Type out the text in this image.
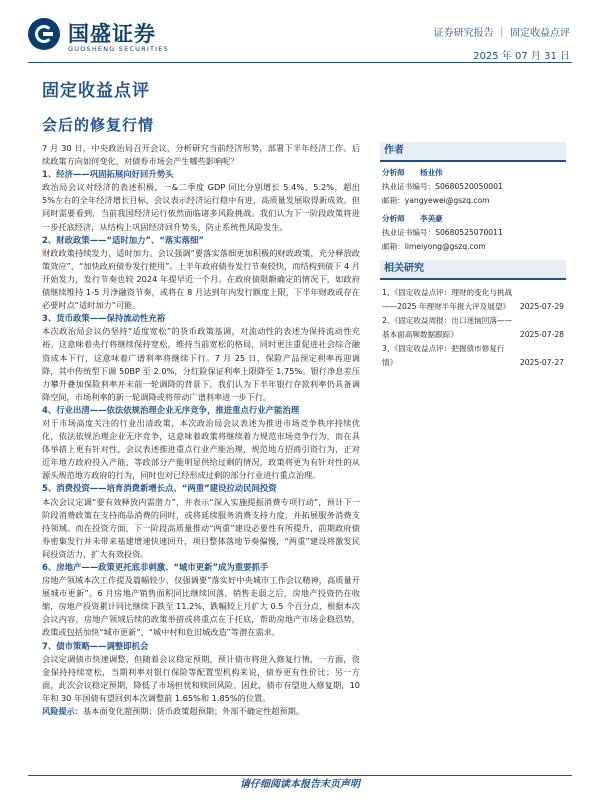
国盛证券
GUOSHENG SECURITIES
证券研究报告 ｜ 固定收益点评
2025 年 07 月 31 日
固定收益点评
会后的修复行情

7 月 30 日，中央政治局召开会议，分析研究当前经济形势，部署下半年经济工作。后续政策方向如何变化，对债券市场会产生哪些影响呢？

1、经济——巩固拓展向好回升势头

政治局会议对经济的表述积极，一&二季度 GDP 同比分别增长 5.4%、5.2%，超出 5%左右的全年经济增长目标，会议表示经济运行稳中有进，高质量发展取得新成效。但同时需要看到，当前我国经济运行依然面临诸多风险挑战。我们认为下一阶段政策将进一步托底经济，从结构上巩固经济回升势头，防止系统性风险发生。

2、财政政策——“适时加力”、“落实落细”

财政政策持续发力、适时加力。会议强调“要落实落细更加积极的财政政策，充分释放政策效应”，“加快政府债券发行使用”。上半年政府债券发行节奏较快，而结构到债下 4 月开始发力，发行节奏也较 2024 年提早近一个月。在政府债限额确定的情况下，如政府债继续维持 1-5 月净融资节奏，或将在 8 月达到年内发行额度上限，下半年财政或存在必要时点“适时加力”可能。

3、货币政策——保持流动性充裕

本次政治局会议仍坚持“适度宽松”的货币政策基调，对流动性的表述为保持流动性充裕。这意味着央行将继续保持宽松，维持当前宽松的格局，同时更注重促进社会综合融资成本下行，这意味着广谱利率将继续下行。7 月 25 日，保险产品预定利率再迎调降，其中传统型下调 50BP 至 2.0%，分红险保证利率上限降至 1.75%。银行净息差压力攀升叠加保险利率并未前一轮调降的背景下，我们认为下半年银行存款利率仍具备调降空间，市场利率的新一轮调降或将带动广谱利率进一步下行。

4、行业出清——依法依规治理企业无序竞争，推进重点行业产能治理

对于市场高度关注的行业出清政策，本次政治局会议表述为推进市场竞争秩序持续优化，依法依规治理企业无序竞争，这意味着政策将继续着力规范市场竞争行为，而在具体举措上更有针对性，会议表述推进重点行业产能治理，规范地方招商引资行为，正对近年地方政府投入产能，等政部分产能明显供给过剩的情况，政策将更为有针对性的从源头规范地方政府的行为，同时也对已经形成过剩的部分行业进行重点治理。

5、消费投资——培育消费新增长点、“两重”建设拉动民间投资

本次会议定调“要有效释放内需潜力”，并表示“深入实施提振消费专项行动”，预计下一阶段消费政策在支持商品消费的同时，或将延续服务消费支持力度，并拓展服务消费支持领域。而在投资方面，下一阶段高质量推动“两重”建设必要性有所提升，前期政府债券密集发行并未带来基建增速快速回升，项目整体落地节奏偏慢，“两重”建设将激发民间投资活力，扩大有效投资。

6、房地产——政策更托底非刺激、“城市更新”成为重要抓手

房地产领域本次工作提及篇幅较少，仅强调要“落实好中央城市工作会议精神，高质量开展城市更新”。6 月房地产销售面积同比继续回落，销售走弱之后，房地产投资仍在收缩，房地产投资累计同比继续下跌至 11.2%，跌幅较上月扩大 0.5 个百分点，根据本次会议内容，房地产领域后续的政策举措或将重点在于托底，帮助房地产市场企稳恐势，政策或包括加快“城市更新”、“城中村和危旧城改造”等潜在需求。

7、债市策略——调整即机会

会议定调债市快速调整，但随着会议稳定预期，预计债市将进入修复行情，一方面，资金保持持续宽松，当期利率对银行保险等配置型机构来说，债券更有性价比；另一方面，此次会议稳定预期，降低了市场担忧和赎回风险。因此，债市有望进入修复期，10 年和 30 年国债有望回到本次调整前 1.65%和 1.85%的位置。

风险提示：基本面变化超预期；货币政策超预期；外部不确定性超预期。

作者
分析师	杨业伟
执业证书编号：S0680520050001
邮箱：yangyewei@gszq.com
分析师	李美豪
执业证书编号：S0680525070011
邮箱：limeiyong@gszq.com
相关研究
1、《固定收益点评：理财的变化与挑战——2025 年理财半年报大评及展望》	2025-07-29
2、《固定收益周报：出口迷恼回落——基本面高频数据跟踪》	2025-07-28
3、《固定收益点评：把握债市修复行情》	2025-07-27
请仔细阅读本报告末页声明
